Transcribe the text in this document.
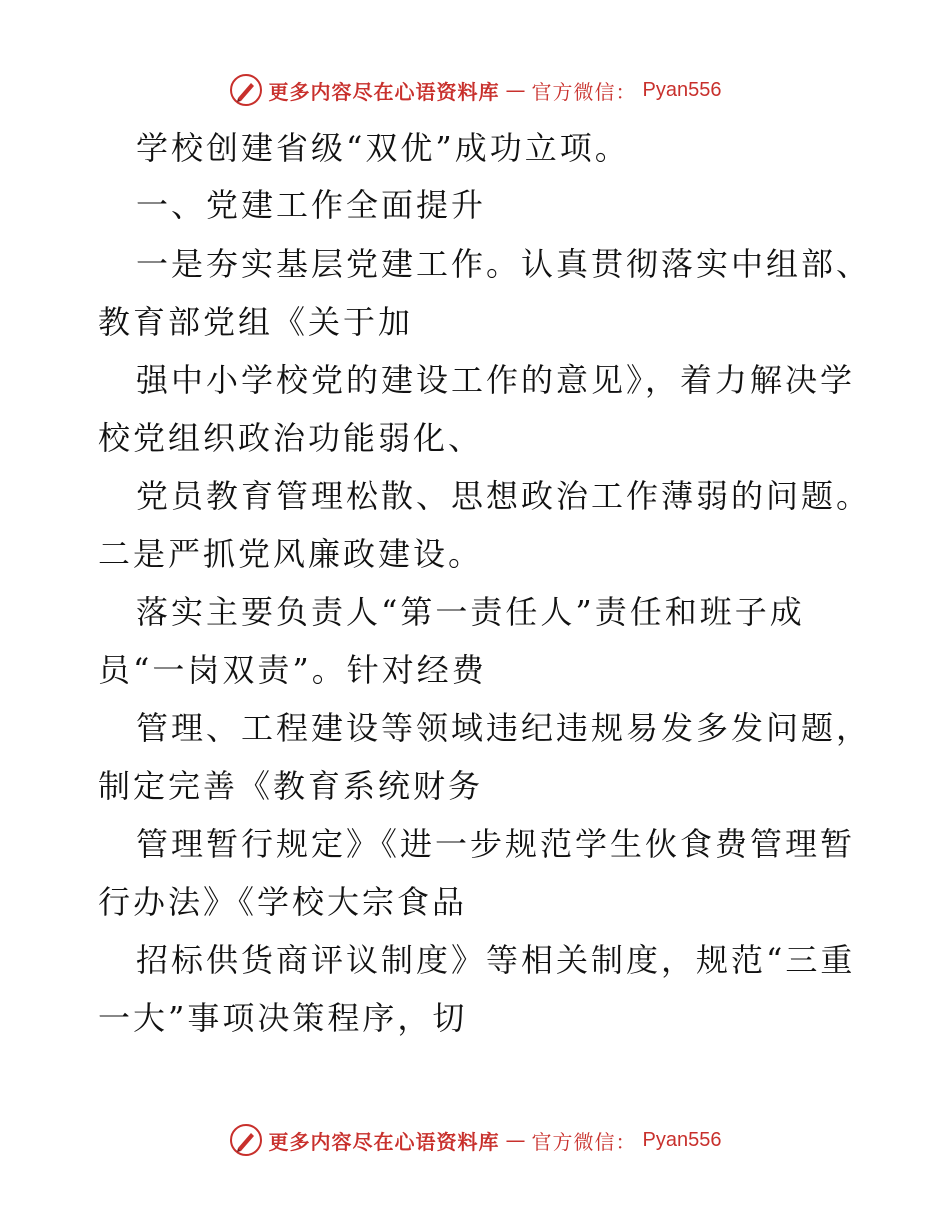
更多内容尽在心语资料库 — 官方微信： Pyan556
学校创建省级“双优”成功立项。
一、党建工作全面提升
一是夯实基层党建工作。认真贯彻落实中组部、
教育部党组《关于加
强中小学校党的建设工作的意见》，着力解决学
校党组织政治功能弱化、
党员教育管理松散、思想政治工作薄弱的问题。
二是严抓党风廉政建设。
落实主要负责人“第一责任人”责任和班子成
员“一岗双责”。针对经费
管理、工程建设等领域违纪违规易发多发问题，
制定完善《教育系统财务
管理暂行规定》《进一步规范学生伙食费管理暂
行办法》《学校大宗食品
招标供货商评议制度》等相关制度，规范“三重
一大”事项决策程序，切
更多内容尽在心语资料库 — 官方微信： Pyan556
